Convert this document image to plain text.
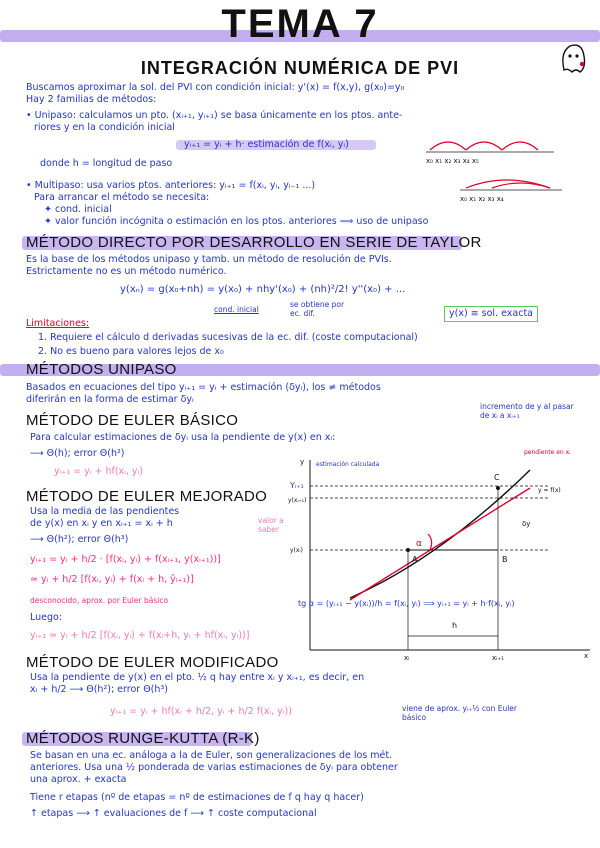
TEMA 7
INTEGRACIÓN NUMÉRICA DE PVI
Buscamos aproximar la sol. del PVI con condición inicial: y'(x) = f(x,y), g(x₀)=y₀
Hay 2 familias de métodos:
• Unipaso: calculamos un pto. (xᵢ₊₁, yᵢ₊₁) se basa únicamente en los ptos. ante-
riores y en la condición inicial
yᵢ₊₁ = yᵢ + h· estimación de f(xᵢ, yᵢ)
donde h = longitud de paso	x₀ x₁ x₂ x₃ x₄ x₅
• Multipaso: usa varios ptos. anteriores: yᵢ₊₁ = f(xᵢ, yᵢ, yᵢ₋₁ ...)
Para arrancar el método se necesita:
✦ cond. inicial
✦ valor función incógnita o estimación en los ptos. anteriores ⟹ uso de unipaso
x₀ x₁ x₂ x₃ x₄
MÉTODO DIRECTO POR DESARROLLO EN SERIE DE TAYLOR
Es la base de los métodos unipaso y tamb. un método de resolución de PVIs.
Estrictamente no es un método numérico.
y(xₙ) = g(x₀+nh) = y(x₀) + nhy'(x₀) + (nh)²/2! y''(x₀) + ...
cond. inicial
se obtiene por ec. dif.	y(x) ≡ sol. exacta
Limitaciones:
1. Requiere el cálculo d derivadas sucesivas de la ec. dif. (coste computacional)
2. No es bueno para valores lejos de x₀
MÉTODOS UNIPASO
Basados en ecuaciones del tipo yᵢ₊₁ = yᵢ + estimación (δyᵢ), los ≠ métodos
diferirán en la forma de estimar δyᵢ
incremento de y al pasar de xᵢ a xᵢ₊₁
MÉTODO DE EULER BÁSICO
Para calcular estimaciones de δyᵢ usa la pendiente de y(x) en xᵢ:
⟶ Θ(h); error Θ(h²)
yᵢ₊₁ = yᵢ + hf(xᵢ, yᵢ)
MÉTODO DE EULER MEJORADO
Usa la media de las pendientes
de y(x) en xᵢ y en xᵢ₊₁ = xᵢ + h	valor a saber
⟶ Θ(h²); error Θ(h³)
yᵢ₊₁ = yᵢ + h/2 · [f(xᵢ, yᵢ) + f(xᵢ₊₁, y(xᵢ₊₁))]
≃ yᵢ + h/2 [f(xᵢ, yᵢ) + f(xᵢ + h, ŷᵢ₊₁)]
desconocido, aprox. por Euler básico
Luego:
yᵢ₊₁ ≃ yᵢ + h/2 [f(xᵢ, yᵢ) + f(xᵢ+h, yᵢ + hf(xᵢ, yᵢ))]
α
A	B
C
y = f(x)
δy
h
xᵢ	xᵢ₊₁	x
y
y(xᵢ)
y(xᵢ₊₁)
Yᵢ₊₁
estimación calculada
pendiente en xᵢ
tg α = (yᵢ₊₁ − y(xᵢ))/h = f(xᵢ, yᵢ) ⟹ yᵢ₊₁ = yᵢ + h·f(xᵢ, yᵢ)
MÉTODO DE EULER MODIFICADO
Usa la pendiente de y(x) en el pto. ½ q hay entre xᵢ y xᵢ₊₁, es decir, en
xᵢ + h/2 ⟶ Θ(h²); error Θ(h³)
yᵢ₊₁ = yᵢ + hf(xᵢ + h/2, yᵢ + h/2 f(xᵢ, yᵢ))	viene de aprox. yᵢ₊½ con Euler básico
MÉTODOS RUNGE-KUTTA (R-K)
Se basan en una ec. análoga a la de Euler, son generalizaciones de los mét.
anteriores. Usa una ½ ponderada de varias estimaciones de δyᵢ para obtener
una aprox. + exacta
Tiene r etapas (nº de etapas = nº de estimaciones de f q hay q hacer)
↑ etapas ⟶ ↑ evaluaciones de f ⟶ ↑ coste computacional
